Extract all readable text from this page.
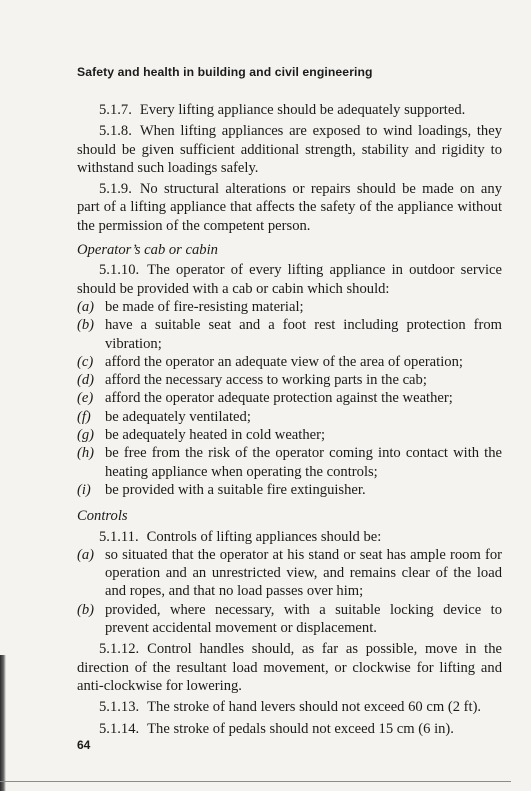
Safety and health in building and civil engineering

5.1.7. Every lifting appliance should be adequately supported.

5.1.8. When lifting appliances are exposed to wind loadings, they should be given sufficient additional strength, stability and rigidity to withstand such loadings safely.

5.1.9. No structural alterations or repairs should be made on any part of a lifting appliance that affects the safety of the appliance without the permission of the competent person.

Operator’s cab or cabin

5.1.10. The operator of every lifting appliance in outdoor service should be provided with a cab or cabin which should:

(a) be made of fire-resisting material;
(b) have a suitable seat and a foot rest including protection from vibration;
(c) afford the operator an adequate view of the area of operation;
(d) afford the necessary access to working parts in the cab;
(e) afford the operator adequate protection against the weather;
(f) be adequately ventilated;
(g) be adequately heated in cold weather;
(h) be free from the risk of the operator coming into contact with the heating appliance when operating the controls;
(i) be provided with a suitable fire extinguisher.
Controls

5.1.11. Controls of lifting appliances should be:

(a) so situated that the operator at his stand or seat has ample room for operation and an unrestricted view, and remains clear of the load and ropes, and that no load passes over him;
(b) provided, where necessary, with a suitable locking device to prevent accidental movement or displacement.

5.1.12. Control handles should, as far as possible, move in the direction of the resultant load movement, or clockwise for lifting and anti-clockwise for lowering.

5.1.13. The stroke of hand levers should not exceed 60 cm (2 ft).

5.1.14. The stroke of pedals should not exceed 15 cm (6 in).

64
